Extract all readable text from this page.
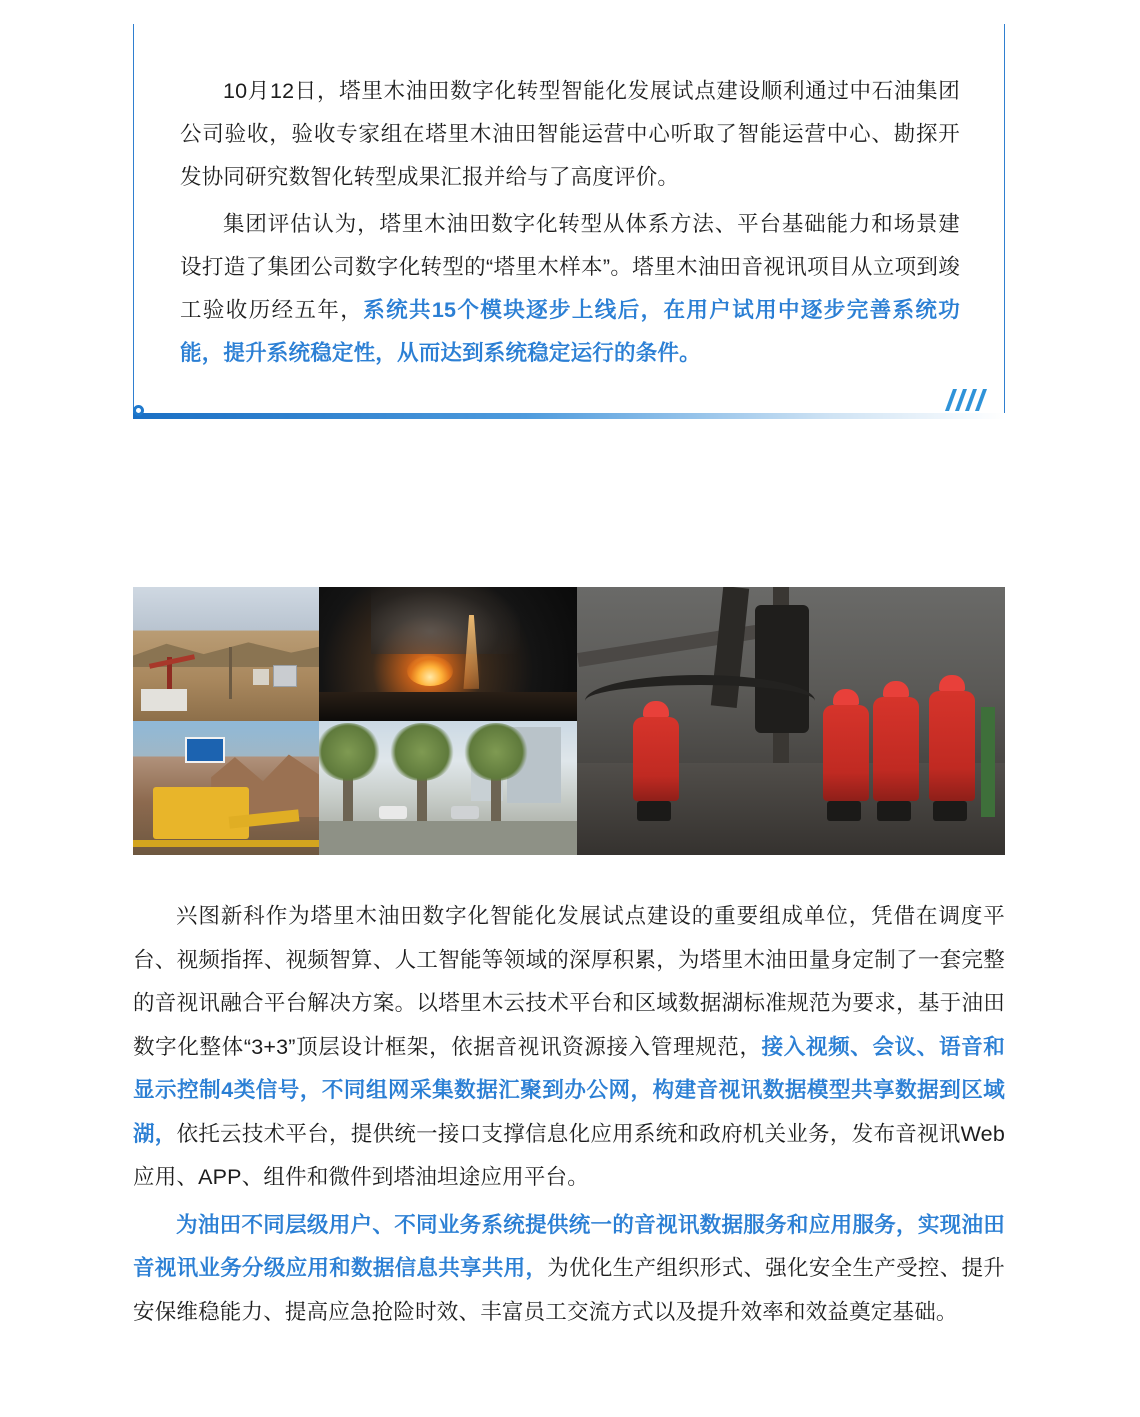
10月12日，塔里木油田数字化转型智能化发展试点建设顺利通过中石油集团公司验收，验收专家组在塔里木油田智能运营中心听取了智能运营中心、勘探开发协同研究数智化转型成果汇报并给与了高度评价。

集团评估认为，塔里木油田数字化转型从体系方法、平台基础能力和场景建设打造了集团公司数字化转型的“塔里木样本”。塔里木油田音视讯项目从立项到竣工验收历经五年，系统共15个模块逐步上线后，在用户试用中逐步完善系统功能，提升系统稳定性，从而达到系统稳定运行的条件。

兴图新科作为塔里木油田数字化智能化发展试点建设的重要组成单位，凭借在调度平台、视频指挥、视频智算、人工智能等领域的深厚积累，为塔里木油田量身定制了一套完整的音视讯融合平台解决方案。以塔里木云技术平台和区域数据湖标准规范为要求，基于油田数字化整体“3+3”顶层设计框架，依据音视讯资源接入管理规范，接入视频、会议、语音和显示控制4类信号，不同组网采集数据汇聚到办公网，构建音视讯数据模型共享数据到区域湖，依托云技术平台，提供统一接口支撑信息化应用系统和政府机关业务，发布音视讯Web应用、APP、组件和微件到塔油坦途应用平台。

为油田不同层级用户、不同业务系统提供统一的音视讯数据服务和应用服务，实现油田音视讯业务分级应用和数据信息共享共用，为优化生产组织形式、强化安全生产受控、提升安保维稳能力、提高应急抢险时效、丰富员工交流方式以及提升效率和效益奠定基础。
